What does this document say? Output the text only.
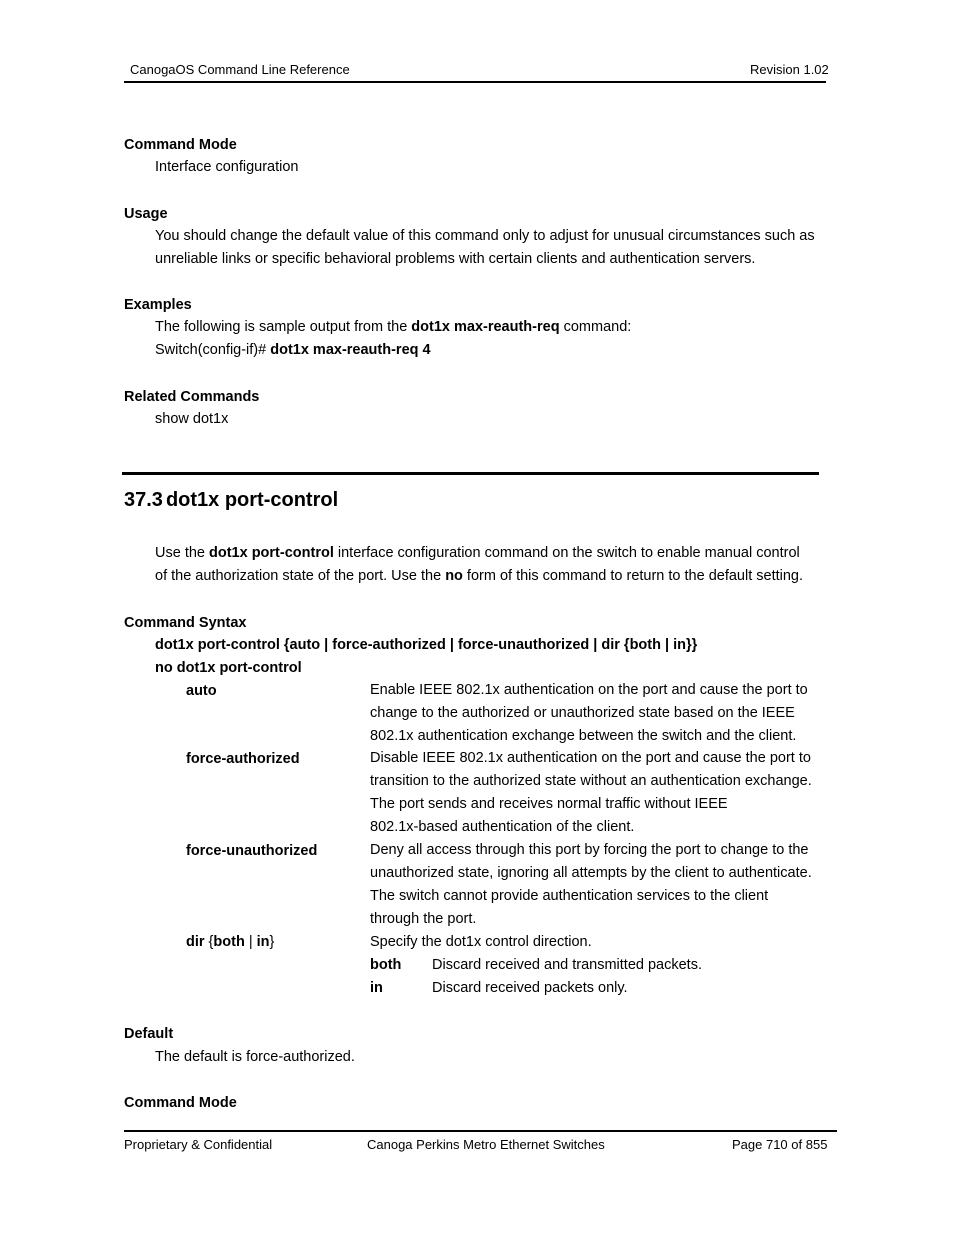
CanogaOS Command Line Reference	Revision 1.02
Command Mode
Interface configuration
Usage
You should change the default value of this command only to adjust for unusual circumstances such as
unreliable links or specific behavioral problems with certain clients and authentication servers.
Examples
The following is sample output from the dot1x max-reauth-req command:
Switch(config-if)# dot1x max-reauth-req 4
Related Commands
show dot1x
37.3 dot1x port-control
Use the dot1x port-control interface configuration command on the switch to enable manual control
of the authorization state of the port. Use the no form of this command to return to the default setting.
Command Syntax
dot1x port-control {auto | force-authorized | force-unauthorized | dir {both | in}}
no dot1x port-control
auto	Enable IEEE 802.1x authentication on the port and cause the port to
change to the authorized or unauthorized state based on the IEEE
802.1x authentication exchange between the switch and the client.
force-authorized	Disable IEEE 802.1x authentication on the port and cause the port to
transition to the authorized state without an authentication exchange.
The port sends and receives normal traffic without IEEE
802.1x-based authentication of the client.
force-unauthorized	Deny all access through this port by forcing the port to change to the
unauthorized state, ignoring all attempts by the client to authenticate.
The switch cannot provide authentication services to the client
through the port.
dir {both | in}	Specify the dot1x control direction.
both Discard received and transmitted packets.
in	Discard received packets only.
Default
The default is force-authorized.
Command Mode
Proprietary & Confidential	Canoga Perkins Metro Ethernet Switches	Page 710 of 855
